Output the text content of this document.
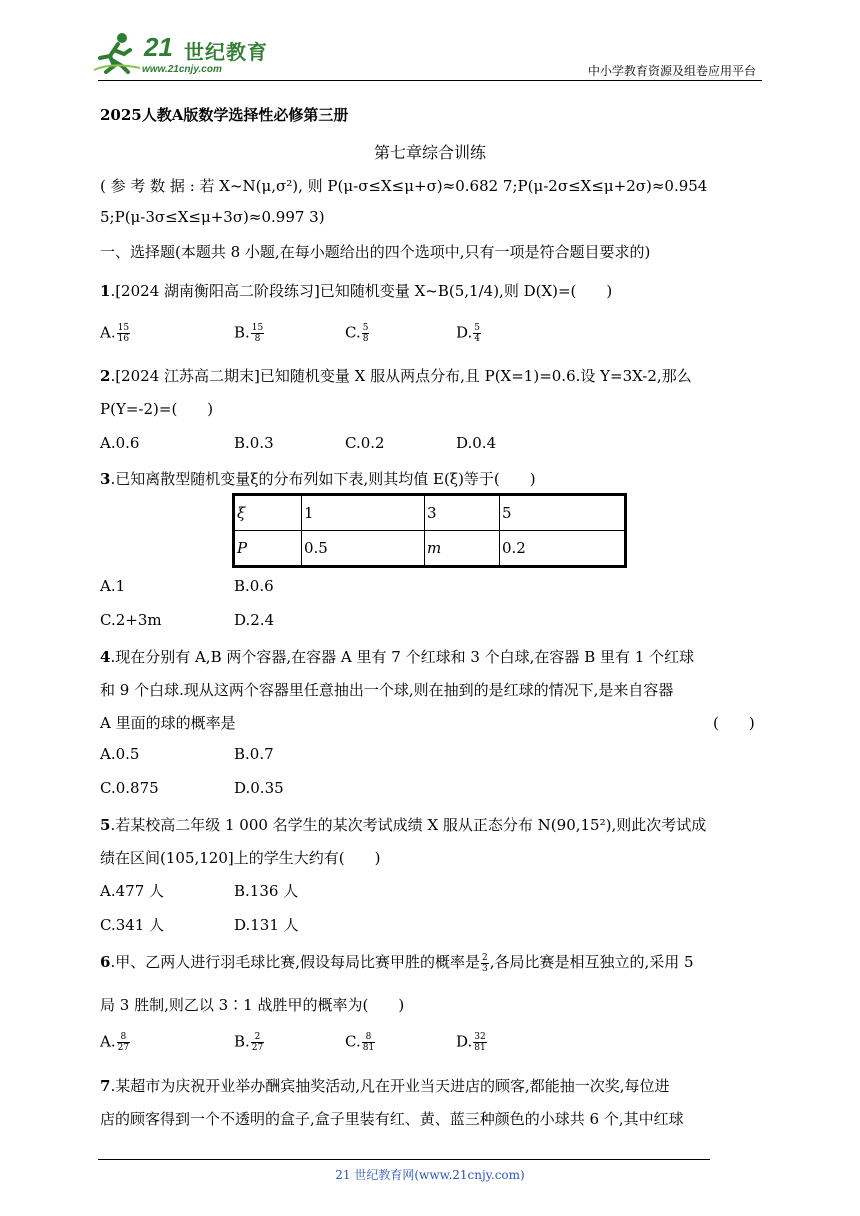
21 世纪教育
www.21cnjy.com	中小学教育资源及组卷应用平台
2025人教A版数学选择性必修第三册
第七章综合训练
( 参 考 数 据 : 若 X~N(μ,σ²), 则 P(μ-σ≤X≤μ+σ)≈0.682 7;P(μ-2σ≤X≤μ+2σ)≈0.954
5;P(μ-3σ≤X≤μ+3σ)≈0.997 3)
一、选择题(本题共 8 小题,在每小题给出的四个选项中,只有一项是符合题目要求的)
1.[2024 湖南衡阳高二阶段练习]已知随机变量 X~B(5,1/4),则 D(X)=(　　)
A. $\frac{15}{16}$	B. $\frac{15}{8}$	C. $\frac{5}{8}$	D. $\frac{5}{4}$
2.[2024 江苏高二期末]已知随机变量 X 服从两点分布,且 P(X=1)=0.6.设 Y=3X-2,那么
P(Y=-2)=(　　)
A.0.6	B.0.3	C.0.2	D.0.4
3.已知离散型随机变量ξ的分布列如下表,则其均值 E(ξ)等于(　　)
ξ	1	3	5
P	0.5	m	0.2
A.1	B.0.6
C.2+3m	D.2.4
4.现在分别有 A,B 两个容器,在容器 A 里有 7 个红球和 3 个白球,在容器 B 里有 1 个红球
和 9 个白球.现从这两个容器里任意抽出一个球,则在抽到的是红球的情况下,是来自容器
A 里面的球的概率是	(　　)
A.0.5	B.0.7
C.0.875	D.0.35
5.若某校高二年级 1 000 名学生的某次考试成绩 X 服从正态分布 N(90,15²),则此次考试成
绩在区间(105,120]上的学生大约有(　　)
A.477 人	B.136 人
C.341 人	D.131 人
6.甲、乙两人进行羽毛球比赛,假设每局比赛甲胜的概率是 $\frac{2}{3}$ ,各局比赛是相互独立的,采用 5
局 3 胜制,则乙以 3∶1 战胜甲的概率为(　　)
A. $\frac{8}{27}$	B. $\frac{2}{27}$	C. $\frac{8}{81}$	D. $\frac{32}{81}$
7.某超市为庆祝开业举办酬宾抽奖活动,凡在开业当天进店的顾客,都能抽一次奖,每位进
店的顾客得到一个不透明的盒子,盒子里装有红、黄、蓝三种颜色的小球共 6 个,其中红球
21 世纪教育网(www.21cnjy.com)
